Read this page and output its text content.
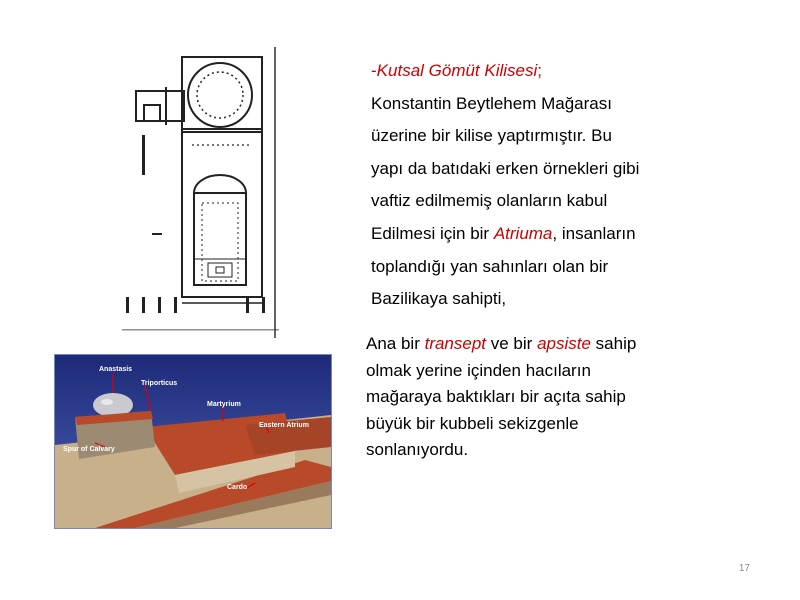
Anastasis
Triporticus
Martyrium
Eastern Atrium
Spur of Calvary
Cardo
-Kutsal Gömüt Kilisesi;
Konstantin Beytlehem Mağarası
üzerine bir kilise yaptırmıştır. Bu
yapı da batıdaki erken örnekleri gibi
vaftiz edilmemiş olanların kabul
Edilmesi için bir Atriuma, insanların
toplandığı yan sahınları olan bir
Bazilikaya sahipti,
Ana bir transept ve bir apsiste sahip
olmak yerine içinden hacıların
mağaraya baktıkları bir açıta sahip
büyük bir kubbeli sekizgenle
sonlanıyordu.
17
